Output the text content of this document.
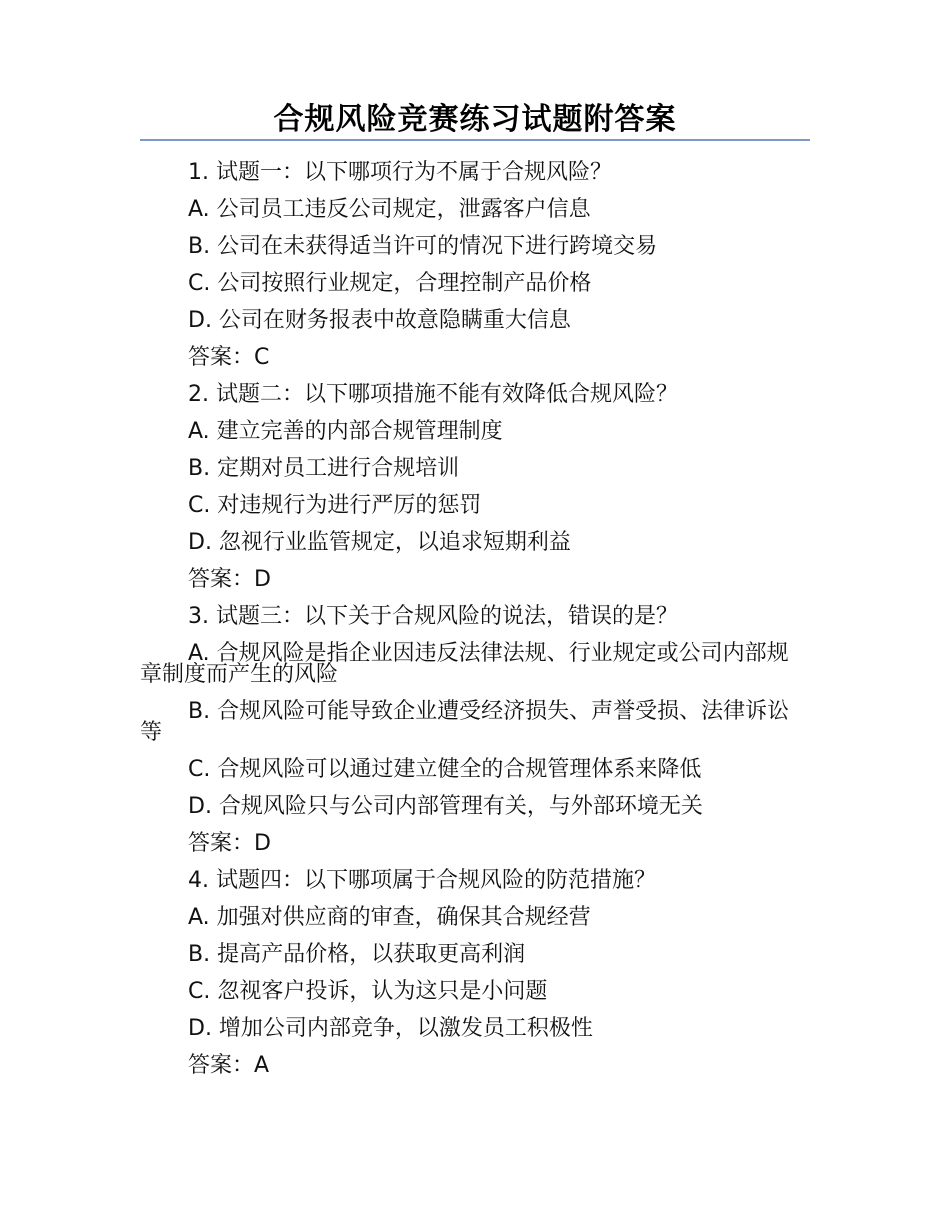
合规风险竞赛练习试题附答案
1. 试题一：以下哪项行为不属于合规风险？
A. 公司员工违反公司规定，泄露客户信息
B. 公司在未获得适当许可的情况下进行跨境交易
C. 公司按照行业规定，合理控制产品价格
D. 公司在财务报表中故意隐瞒重大信息
答案：C
2. 试题二：以下哪项措施不能有效降低合规风险？
A. 建立完善的内部合规管理制度
B. 定期对员工进行合规培训
C. 对违规行为进行严厉的惩罚
D. 忽视行业监管规定，以追求短期利益
答案：D
3. 试题三：以下关于合规风险的说法，错误的是？
A. 合规风险是指企业因违反法律法规、行业规定或公司内部规章制度而产生的风险
B. 合规风险可能导致企业遭受经济损失、声誉受损、法律诉讼等
C. 合规风险可以通过建立健全的合规管理体系来降低
D. 合规风险只与公司内部管理有关，与外部环境无关
答案：D
4. 试题四：以下哪项属于合规风险的防范措施？
A. 加强对供应商的审查，确保其合规经营
B. 提高产品价格，以获取更高利润
C. 忽视客户投诉，认为这只是小问题
D. 增加公司内部竞争，以激发员工积极性
答案：A
